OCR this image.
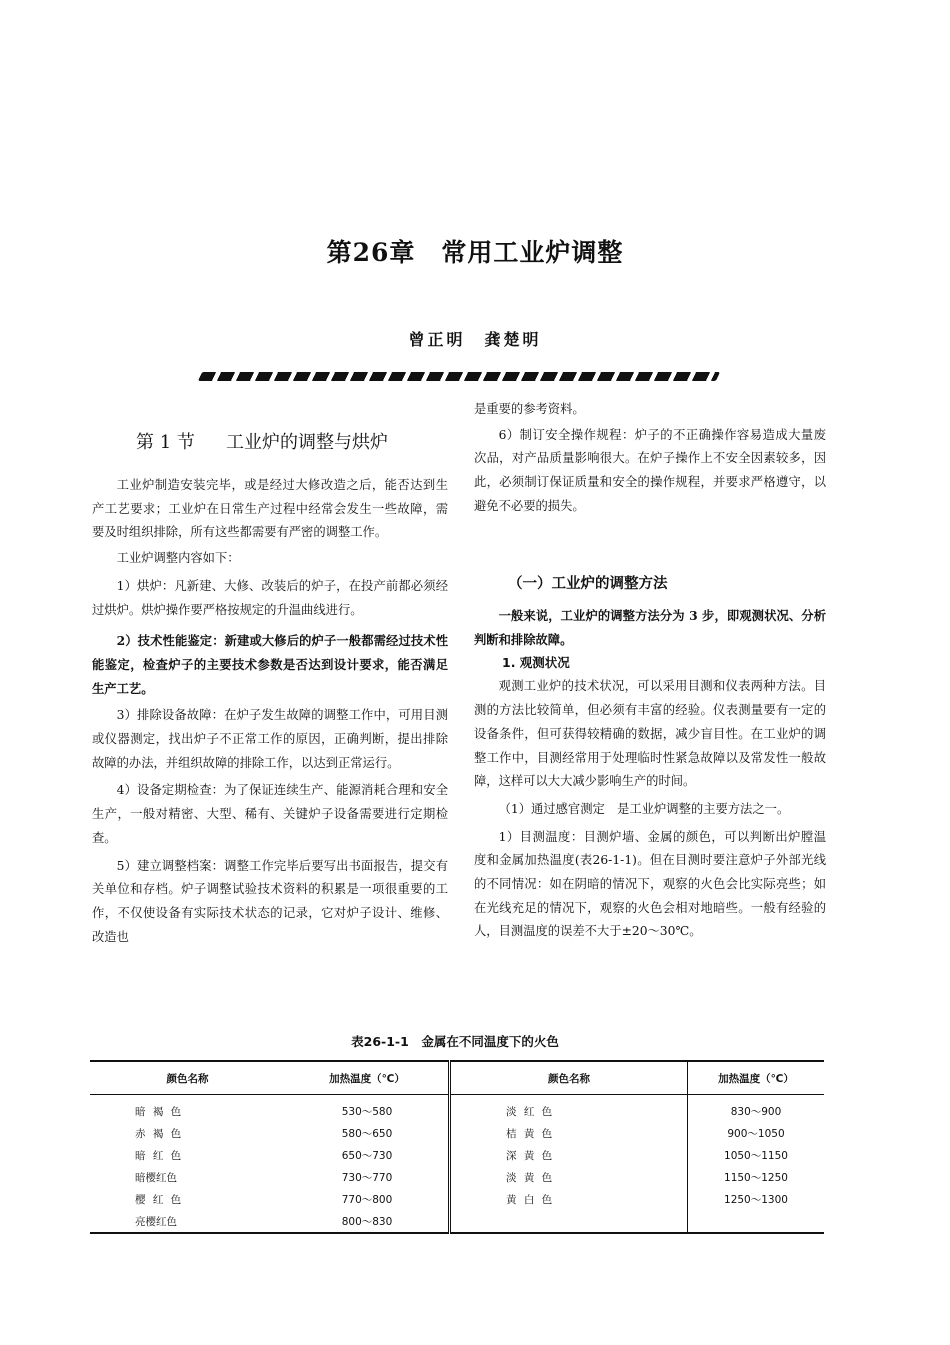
第26章　常用工业炉调整
曾正明　龚楚明
第 1 节 工业炉的调整与烘炉

工业炉制造安装完毕，或是经过大修改造之后，能否达到生产工艺要求；工业炉在日常生产过程中经常会发生一些故障，需要及时组织排除，所有这些都需要有严密的调整工作。

工业炉调整内容如下：

1）烘炉：凡新建、大修、改装后的炉子，在投产前都必须经过烘炉。烘炉操作要严格按规定的升温曲线进行。

2）技术性能鉴定：新建或大修后的炉子一般都需经过技术性能鉴定，检查炉子的主要技术参数是否达到设计要求，能否满足生产工艺。

3）排除设备故障：在炉子发生故障的调整工作中，可用目测或仪器测定，找出炉子不正常工作的原因，正确判断，提出排除故障的办法，并组织故障的排除工作，以达到正常运行。

4）设备定期检查：为了保证连续生产、能源消耗合理和安全生产，一般对精密、大型、稀有、关键炉子设备需要进行定期检查。

5）建立调整档案：调整工作完毕后要写出书面报告，提交有关单位和存档。炉子调整试验技术资料的积累是一项很重要的工作，不仅使设备有实际技术状态的记录，它对炉子设计、维修、改造也

是重要的参考资料。

6）制订安全操作规程：炉子的不正确操作容易造成大量废次品，对产品质量影响很大。在炉子操作上不安全因素较多，因此，必须制订保证质量和安全的操作规程，并要求严格遵守，以避免不必要的损失。

（一）工业炉的调整方法

一般来说，工业炉的调整方法分为 3 步，即观测状况、分析判断和排除故障。

1. 观测状况

观测工业炉的技术状况，可以采用目测和仪表两种方法。目测的方法比较简单，但必须有丰富的经验。仪表测量要有一定的设备条件，但可获得较精确的数据，减少盲目性。在工业炉的调整工作中，目测经常用于处理临时性紧急故障以及常发性一般故障，这样可以大大减少影响生产的时间。

（1）通过感官测定　是工业炉调整的主要方法之一。

1）目测温度：目测炉墙、金属的颜色，可以判断出炉膛温度和金属加热温度(表26-1-1)。但在目测时要注意炉子外部光线的不同情况：如在阴暗的情况下，观察的火色会比实际亮些；如在光线充足的情况下，观察的火色会相对地暗些。一般有经验的人，目测温度的误差不大于±20～30℃。

表26-1-1　金属在不同温度下的火色
颜色名称	加热温度（℃）	颜色名称	加热温度（℃）
暗 褐 色	530～580	淡 红 色	830～900
赤 褐 色	580～650	桔 黄 色	900～1050
暗 红 色	650～730	深 黄 色	1050～1150
暗樱红色	730～770	淡 黄 色	1150～1250
樱 红 色	770～800	黄 白 色	1250～1300
亮樱红色	800～830		
